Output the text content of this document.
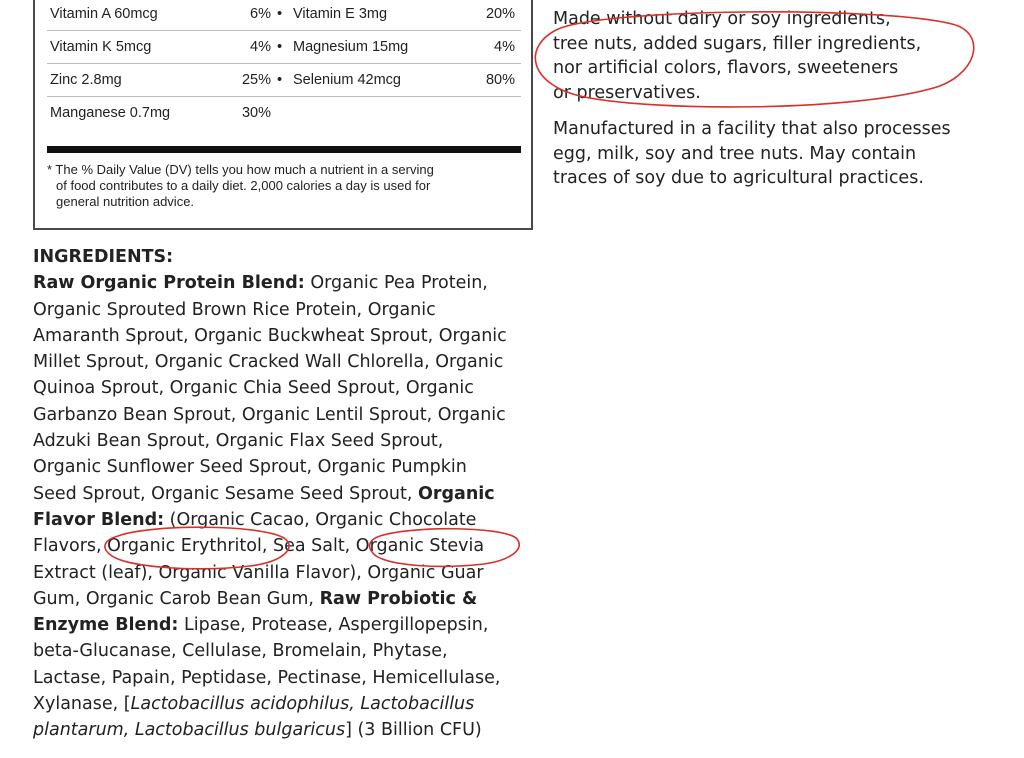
Vitamin A 60mcg	6% • Vitamin E 3mg	20%
Vitamin K 5mcg	4% • Magnesium 15mg	4%
Zinc 2.8mg	25% • Selenium 42mcg	80%
Manganese 0.7mg	30%
* The % Daily Value (DV) tells you how much a nutrient in a serving
of food contributes to a daily diet. 2,000 calories a day is used for
general nutrition advice.
Made without dairy or soy ingredients,
tree nuts, added sugars, filler ingredients,
nor artificial colors, flavors, sweeteners
or preservatives.
Manufactured in a facility that also processes
egg, milk, soy and tree nuts. May contain
traces of soy due to agricultural practices.
INGREDIENTS:
Raw Organic Protein Blend: Organic Pea Protein,
Organic Sprouted Brown Rice Protein, Organic
Amaranth Sprout, Organic Buckwheat Sprout, Organic
Millet Sprout, Organic Cracked Wall Chlorella, Organic
Quinoa Sprout, Organic Chia Seed Sprout, Organic
Garbanzo Bean Sprout, Organic Lentil Sprout, Organic
Adzuki Bean Sprout, Organic Flax Seed Sprout,
Organic Sunflower Seed Sprout, Organic Pumpkin
Seed Sprout, Organic Sesame Seed Sprout, Organic
Flavor Blend: (Organic Cacao, Organic Chocolate
Flavors, Organic Erythritol, Sea Salt, Organic Stevia
Extract (leaf), Organic Vanilla Flavor), Organic Guar
Gum, Organic Carob Bean Gum, Raw Probiotic &
Enzyme Blend: Lipase, Protease, Aspergillopepsin,
beta-Glucanase, Cellulase, Bromelain, Phytase,
Lactase, Papain, Peptidase, Pectinase, Hemicellulase,
Xylanase, [Lactobacillus acidophilus, Lactobacillus
plantarum, Lactobacillus bulgaricus] (3 Billion CFU)
